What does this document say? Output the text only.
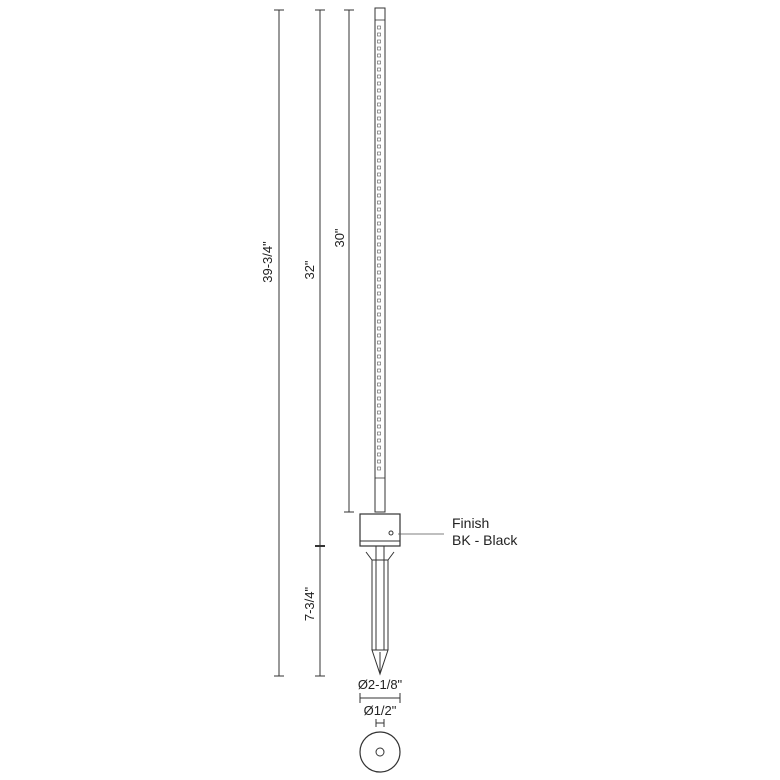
39-3/4" 32"
7-3/4"
30"
Finish
BK - Black
Ø2-1/8"
Ø1/2"
